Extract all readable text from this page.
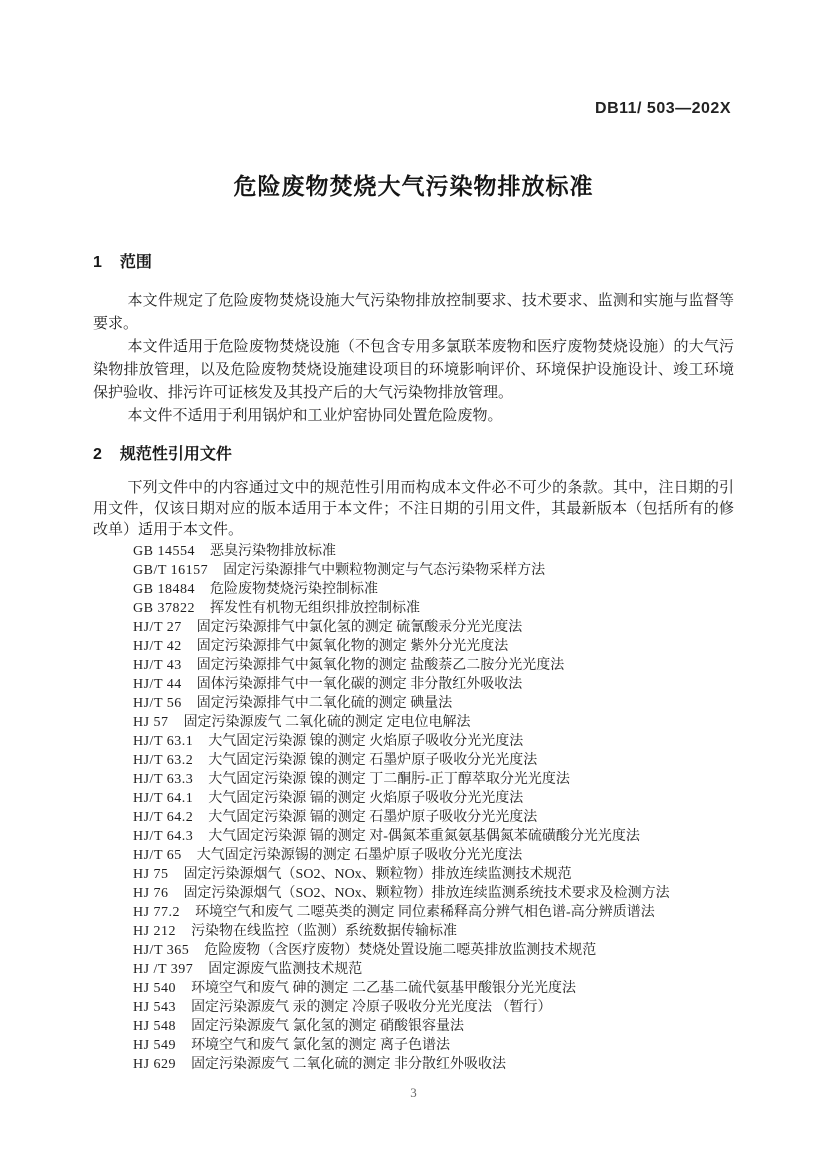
DB11/ 503—202X
危险废物焚烧大气污染物排放标准
1 范围

本文件规定了危险废物焚烧设施大气污染物排放控制要求、技术要求、监测和实施与监督等要求。

本文件适用于危险废物焚烧设施（不包含专用多氯联苯废物和医疗废物焚烧设施）的大气污染物排放管理，以及危险废物焚烧设施建设项目的环境影响评价、环境保护设施设计、竣工环境保护验收、排污许可证核发及其投产后的大气污染物排放管理。

本文件不适用于利用锅炉和工业炉窑协同处置危险废物。

2 规范性引用文件

下列文件中的内容通过文中的规范性引用而构成本文件必不可少的条款。其中，注日期的引用文件，仅该日期对应的版本适用于本文件；不注日期的引用文件，其最新版本（包括所有的修改单）适用于本文件。

GB 14554 恶臭污染物排放标准
GB/T 16157 固定污染源排气中颗粒物测定与气态污染物采样方法
GB 18484 危险废物焚烧污染控制标准
GB 37822 挥发性有机物无组织排放控制标准
HJ/T 27 固定污染源排气中氯化氢的测定 硫氰酸汞分光光度法
HJ/T 42 固定污染源排气中氮氧化物的测定 紫外分光光度法
HJ/T 43 固定污染源排气中氮氧化物的测定 盐酸萘乙二胺分光光度法
HJ/T 44 固体污染源排气中一氧化碳的测定 非分散红外吸收法
HJ/T 56 固定污染源排气中二氧化硫的测定 碘量法
HJ 57 固定污染源废气 二氧化硫的测定 定电位电解法
HJ/T 63.1 大气固定污染源 镍的测定 火焰原子吸收分光光度法
HJ/T 63.2 大气固定污染源 镍的测定 石墨炉原子吸收分光光度法
HJ/T 63.3 大气固定污染源 镍的测定 丁二酮肟-正丁醇萃取分光光度法
HJ/T 64.1 大气固定污染源 镉的测定 火焰原子吸收分光光度法
HJ/T 64.2 大气固定污染源 镉的测定 石墨炉原子吸收分光光度法
HJ/T 64.3 大气固定污染源 镉的测定 对-偶氮苯重氮氨基偶氮苯硫磺酸分光光度法
HJ/T 65 大气固定污染源锡的测定 石墨炉原子吸收分光光度法
HJ 75 固定污染源烟气（SO2、NOx、颗粒物）排放连续监测技术规范
HJ 76 固定污染源烟气（SO2、NOx、颗粒物）排放连续监测系统技术要求及检测方法
HJ 77.2 环境空气和废气 二噁英类的测定 同位素稀释高分辨气相色谱-高分辨质谱法
HJ 212 污染物在线监控（监测）系统数据传输标准
HJ/T 365 危险废物（含医疗废物）焚烧处置设施二噁英排放监测技术规范
HJ /T 397 固定源废气监测技术规范
HJ 540 环境空气和废气 砷的测定 二乙基二硫代氨基甲酸银分光光度法
HJ 543 固定污染源废气 汞的测定 冷原子吸收分光光度法 （暂行）
HJ 548 固定污染源废气 氯化氢的测定 硝酸银容量法
HJ 549 环境空气和废气 氯化氢的测定 离子色谱法
HJ 629 固定污染源废气 二氧化硫的测定 非分散红外吸收法
3
